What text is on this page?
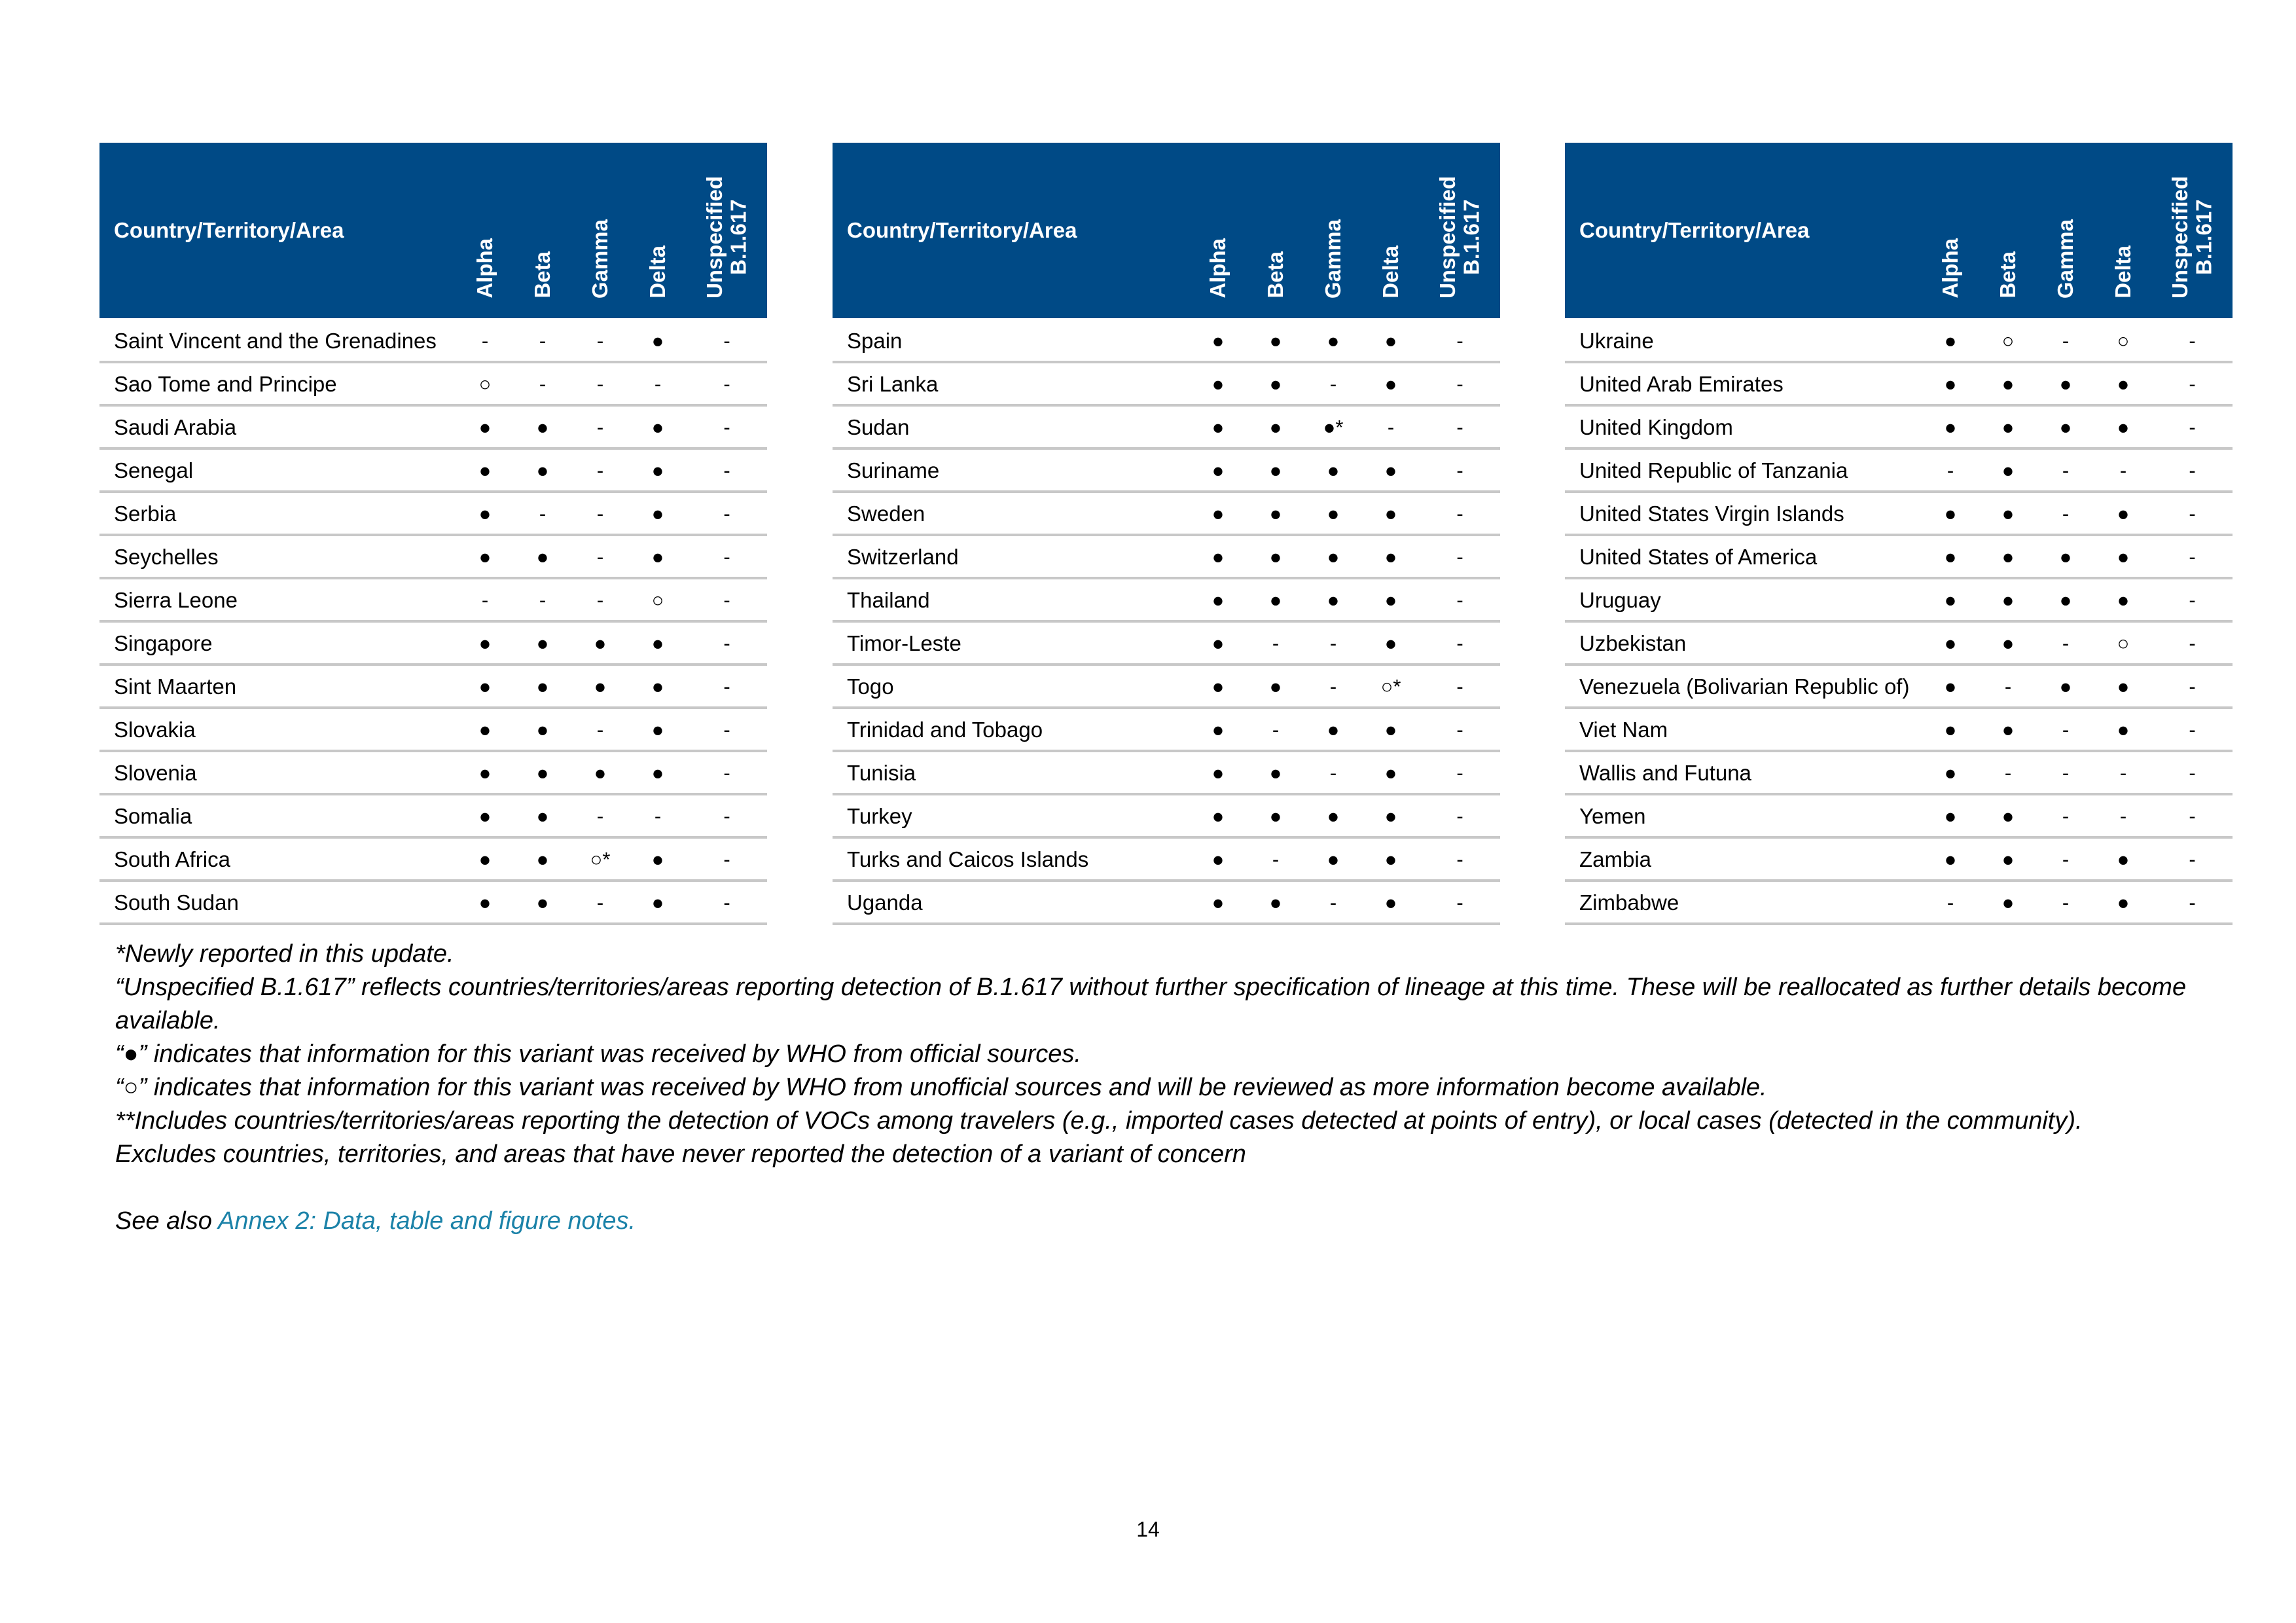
Country/Territory/Area	Alpha	Beta	Gamma	Delta	Unspecified
B.1.617
Saint Vincent and the Grenadines	-	-	-	●	-
Sao Tome and Principe	○	-	-	-	-
Saudi Arabia	●	●	-	●	-
Senegal	●	●	-	●	-
Serbia	●	-	-	●	-
Seychelles	●	●	-	●	-
Sierra Leone	-	-	-	○	-
Singapore	●	●	●	●	-
Sint Maarten	●	●	●	●	-
Slovakia	●	●	-	●	-
Slovenia	●	●	●	●	-
Somalia	●	●	-	-	-
South Africa	●	●	○*	●	-
South Sudan	●	●	-	●	-
Country/Territory/Area	Alpha	Beta	Gamma	Delta	Unspecified
B.1.617
Spain	●	●	●	●	-
Sri Lanka	●	●	-	●	-
Sudan	●	●	●*	-	-
Suriname	●	●	●	●	-
Sweden	●	●	●	●	-
Switzerland	●	●	●	●	-
Thailand	●	●	●	●	-
Timor-Leste	●	-	-	●	-
Togo	●	●	-	○*	-
Trinidad and Tobago	●	-	●	●	-
Tunisia	●	●	-	●	-
Turkey	●	●	●	●	-
Turks and Caicos Islands	●	-	●	●	-
Uganda	●	●	-	●	-
Country/Territory/Area	Alpha	Beta	Gamma	Delta	Unspecified
B.1.617
Ukraine	●	○	-	○	-
United Arab Emirates	●	●	●	●	-
United Kingdom	●	●	●	●	-
United Republic of Tanzania	-	●	-	-	-
United States Virgin Islands	●	●	-	●	-
United States of America	●	●	●	●	-
Uruguay	●	●	●	●	-
Uzbekistan	●	●	-	○	-
Venezuela (Bolivarian Republic of)	●	-	●	●	-
Viet Nam	●	●	-	●	-
Wallis and Futuna	●	-	-	-	-
Yemen	●	●	-	-	-
Zambia	●	●	-	●	-
Zimbabwe	-	●	-	●	-

*Newly reported in this update.

“Unspecified B.1.617” reflects countries/territories/areas reporting detection of B.1.617 without further specification of lineage at this time. These will be reallocated as further details become available.

“●” indicates that information for this variant was received by WHO from official sources.

“○” indicates that information for this variant was received by WHO from unofficial sources and will be reviewed as more information become available.

**Includes countries/territories/areas reporting the detection of VOCs among travelers (e.g., imported cases detected at points of entry), or local cases (detected in the community).

Excludes countries, territories, and areas that have never reported the detection of a variant of concern

See also Annex 2: Data, table and figure notes.

14
